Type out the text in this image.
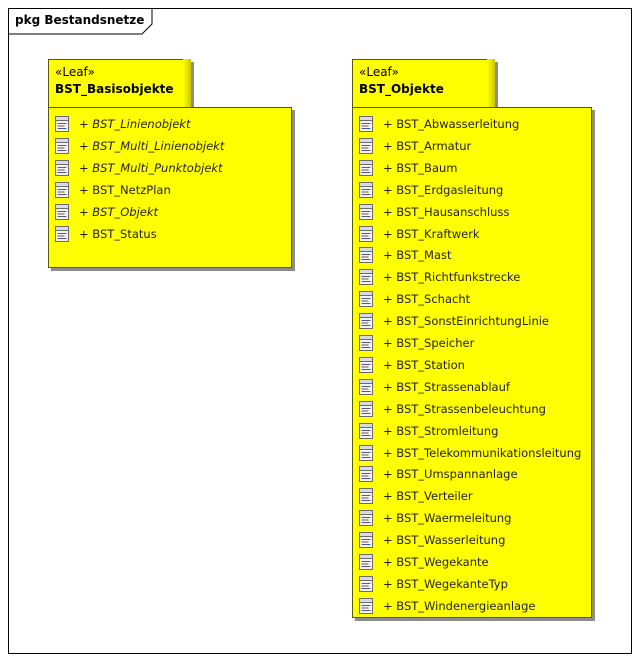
pkg Bestandsnetze
«Leaf»
BST_Basisobjekte
+ BST_Linienobjekt
+ BST_Multi_Linienobjekt
+ BST_Multi_Punktobjekt
+ BST_NetzPlan
+ BST_Objekt
+ BST_Status
«Leaf»
BST_Objekte
+ BST_Abwasserleitung
+ BST_Armatur
+ BST_Baum
+ BST_Erdgasleitung
+ BST_Hausanschluss
+ BST_Kraftwerk
+ BST_Mast
+ BST_Richtfunkstrecke
+ BST_Schacht
+ BST_SonstEinrichtungLinie
+ BST_Speicher
+ BST_Station
+ BST_Strassenablauf
+ BST_Strassenbeleuchtung
+ BST_Stromleitung
+ BST_Telekommunikationsleitung
+ BST_Umspannanlage
+ BST_Verteiler
+ BST_Waermeleitung
+ BST_Wasserleitung
+ BST_Wegekante
+ BST_WegekanteTyp
+ BST_Windenergieanlage
